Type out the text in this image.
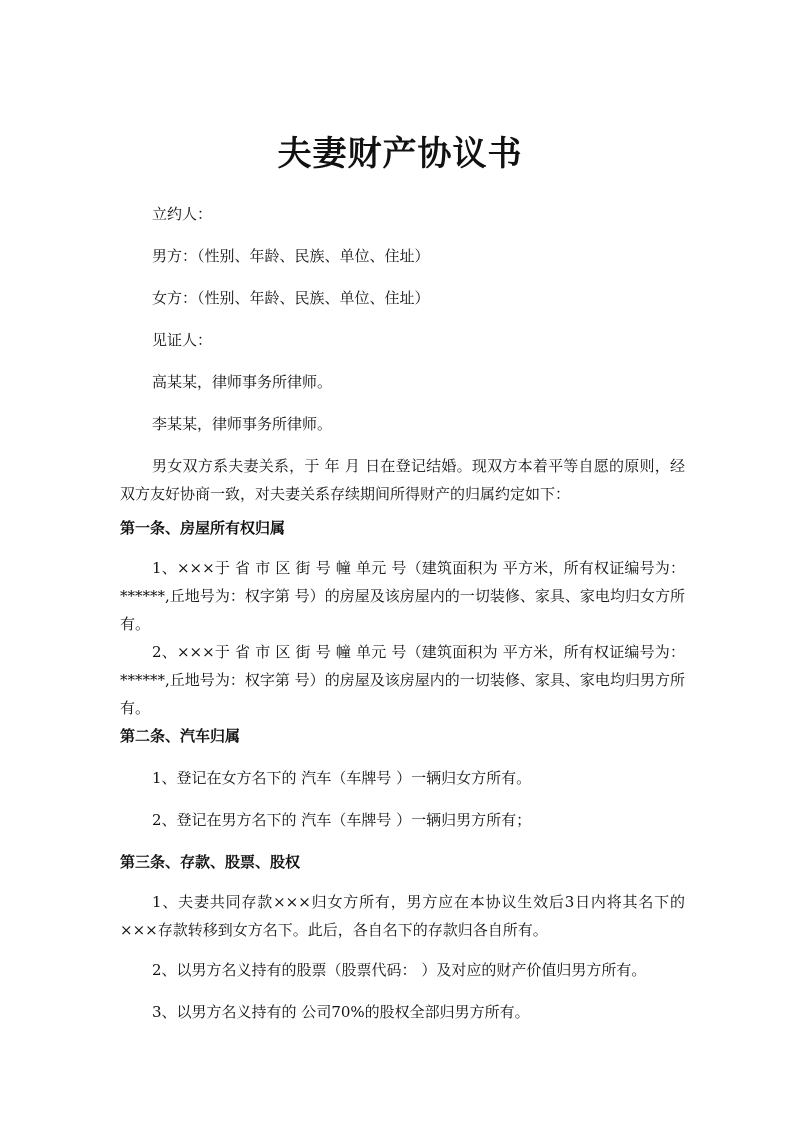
夫妻财产协议书
立约人：
男方：（性别、年龄、民族、单位、住址）
女方：（性别、年龄、民族、单位、住址）
见证人：
高某某，律师事务所律师。
李某某，律师事务所律师。
男女双方系夫妻关系，于 年 月 日在登记结婚。现双方本着平等自愿的原则，经双方友好协商一致，对夫妻关系存续期间所得财产的归属约定如下：
第一条、房屋所有权归属
1、×××于 省 市 区 街 号 幢 单元 号（建筑面积为 平方米，所有权证编号为：******,丘地号为：权字第 号）的房屋及该房屋内的一切装修、家具、家电均归女方所有。
2、×××于 省 市 区 街 号 幢 单元 号（建筑面积为 平方米，所有权证编号为：******,丘地号为：权字第 号）的房屋及该房屋内的一切装修、家具、家电均归男方所有。
第二条、汽车归属
1、登记在女方名下的 汽车（车牌号 ）一辆归女方所有。
2、登记在男方名下的 汽车（车牌号 ）一辆归男方所有；
第三条、存款、股票、股权
1、夫妻共同存款×××归女方所有，男方应在本协议生效后3日内将其名下的×××存款转移到女方名下。此后，各自名下的存款归各自所有。
2、以男方名义持有的股票（股票代码： ）及对应的财产价值归男方所有。
3、以男方名义持有的 公司70%的股权全部归男方所有。
